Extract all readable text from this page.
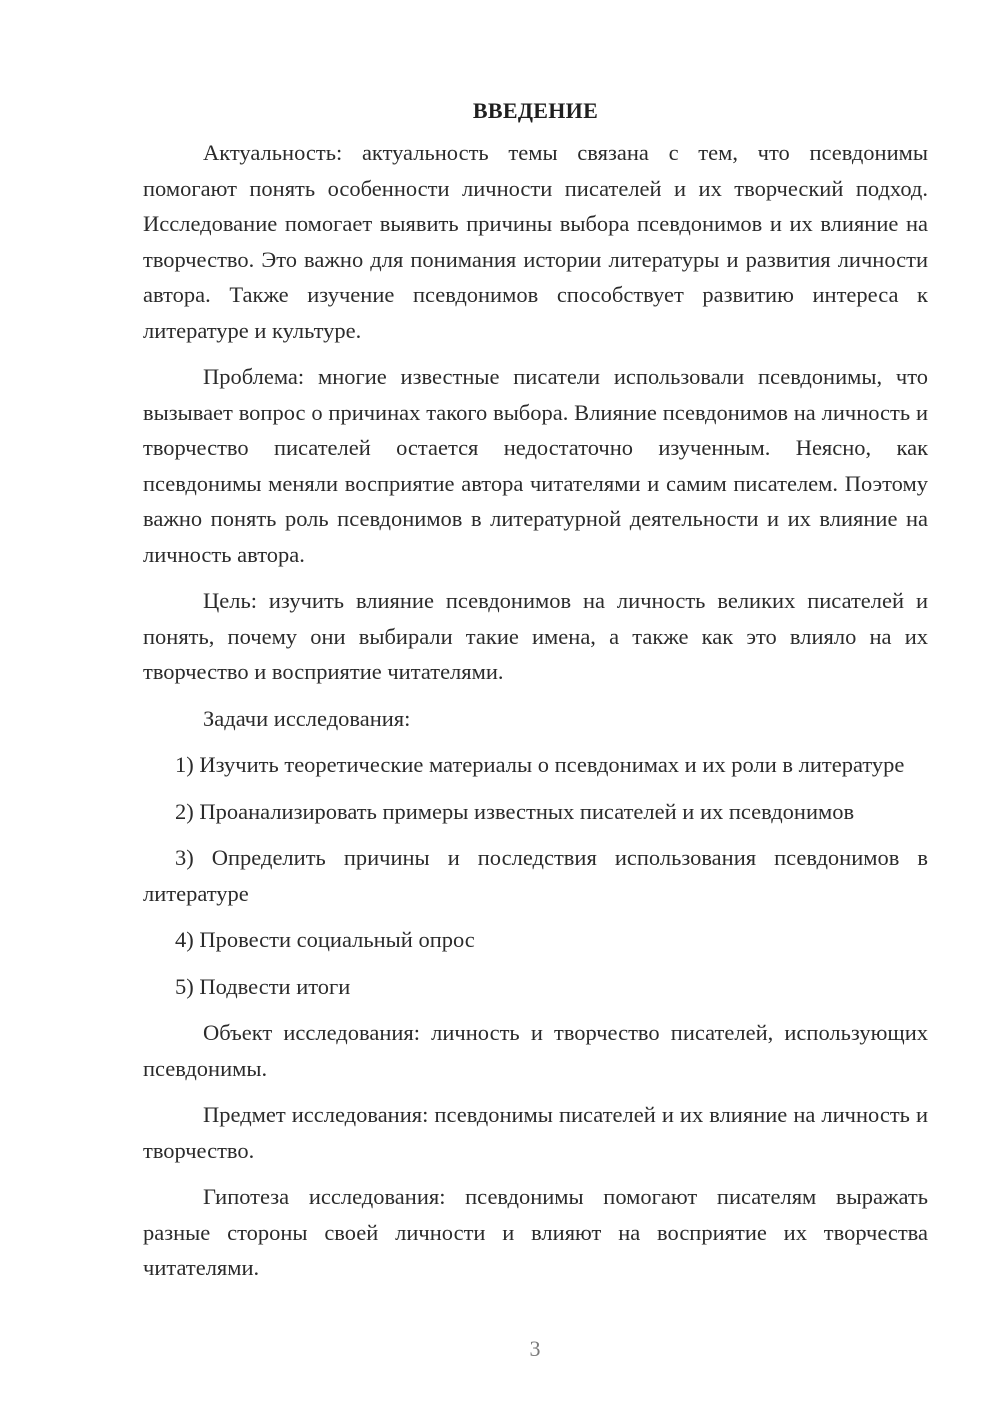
ВВЕДЕНИЕ

Актуальность: актуальность темы связана с тем, что псевдонимы помогают понять особенности личности писателей и их творческий подход. Исследование помогает выявить причины выбора псевдонимов и их влияние на творчество. Это важно для понимания истории литературы и развития личности автора. Также изучение псевдонимов способствует развитию интереса к литературе и культуре.

Проблема: многие известные писатели использовали псевдонимы, что вызывает вопрос о причинах такого выбора. Влияние псевдонимов на личность и творчество писателей остается недостаточно изученным. Неясно, как псевдонимы меняли восприятие автора читателями и самим писателем. Поэтому важно понять роль псевдонимов в литературной деятельности и их влияние на личность автора.

Цель: изучить влияние псевдонимов на личность великих писателей и понять, почему они выбирали такие имена, а также как это влияло на их творчество и восприятие читателями.

Задачи исследования:

1) Изучить теоретические материалы о псевдонимах и их роли в литературе

2) Проанализировать примеры известных писателей и их псевдонимов

3) Определить причины и последствия использования псевдонимов в литературе

4) Провести социальный опрос

5) Подвести итоги

Объект исследования: личность и творчество писателей, использующих псевдонимы.

Предмет исследования: псевдонимы писателей и их влияние на личность и творчество.

Гипотеза исследования: псевдонимы помогают писателям выражать разные стороны своей личности и влияют на восприятие их творчества читателями.

3
